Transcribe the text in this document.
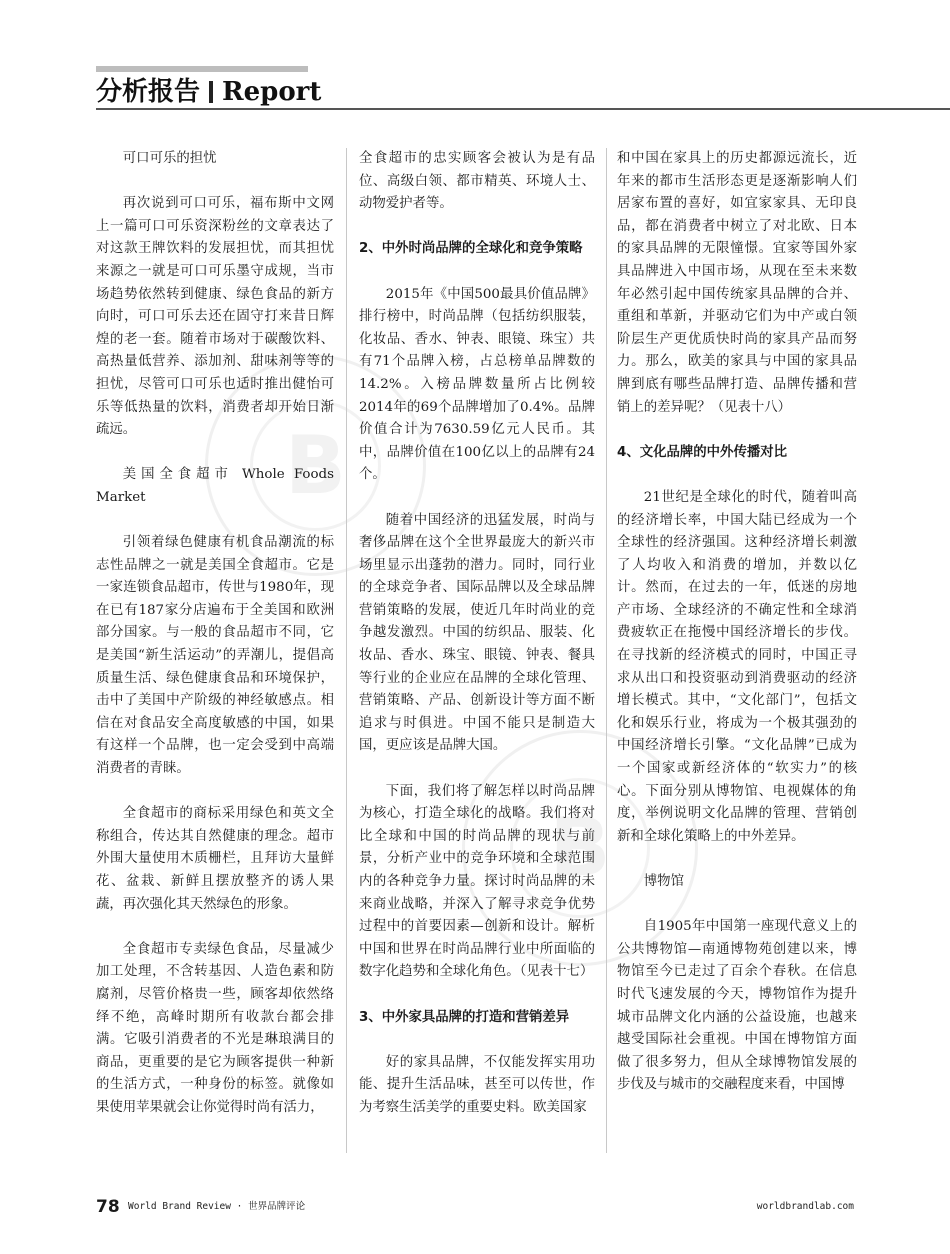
分析报告 Report
B
B
可口可乐的担忧

再次说到可口可乐，福布斯中文网上一篇可口可乐资深粉丝的文章表达了对这款王牌饮料的发展担忧，而其担忧来源之一就是可口可乐墨守成规，当市场趋势依然转到健康、绿色食品的新方向时，可口可乐去还在固守打来昔日辉煌的老一套。随着市场对于碳酸饮料、高热量低营养、添加剂、甜味剂等等的担忧，尽管可口可乐也适时推出健怡可乐等低热量的饮料，消费者却开始日渐疏远。

美国全食超市 Whole Foods Market

引领着绿色健康有机食品潮流的标志性品牌之一就是美国全食超市。它是一家连锁食品超市，传世与1980年，现在已有187家分店遍布于全美国和欧洲部分国家。与一般的食品超市不同，它是美国“新生活运动”的弄潮儿，提倡高质量生活、绿色健康食品和环境保护，击中了美国中产阶级的神经敏感点。相信在对食品安全高度敏感的中国，如果有这样一个品牌，也一定会受到中高端消费者的青睐。

全食超市的商标采用绿色和英文全称组合，传达其自然健康的理念。超市外围大量使用木质栅栏，且拜访大量鲜花、盆栽、新鲜且摆放整齐的诱人果蔬，再次强化其天然绿色的形象。

全食超市专卖绿色食品，尽量减少加工处理，不含转基因、人造色素和防腐剂，尽管价格贵一些，顾客却依然络绎不绝，高峰时期所有收款台都会排满。它吸引消费者的不光是琳琅满目的商品，更重要的是它为顾客提供一种新的生活方式，一种身份的标签。就像如果使用苹果就会让你觉得时尚有活力，

全食超市的忠实顾客会被认为是有品位、高级白领、都市精英、环境人士、动物爱护者等。

2、中外时尚品牌的全球化和竞争策略

2015年《中国500最具价值品牌》排行榜中，时尚品牌（包括纺织服装，化妆品、香水、钟表、眼镜、珠宝）共有71个品牌入榜，占总榜单品牌数的14.2%。入榜品牌数量所占比例较2014年的69个品牌增加了0.4%。品牌价值合计为7630.59亿元人民币。其中，品牌价值在100亿以上的品牌有24个。

随着中国经济的迅猛发展，时尚与奢侈品牌在这个全世界最庞大的新兴市场里显示出蓬勃的潜力。同时，同行业的全球竞争者、国际品牌以及全球品牌营销策略的发展，使近几年时尚业的竞争越发激烈。中国的纺织品、服装、化妆品、香水、珠宝、眼镜、钟表、餐具等行业的企业应在品牌的全球化管理、营销策略、产品、创新设计等方面不断追求与时俱进。中国不能只是制造大国，更应该是品牌大国。

下面，我们将了解怎样以时尚品牌为核心，打造全球化的战略。我们将对比全球和中国的时尚品牌的现状与前景，分析产业中的竞争环境和全球范围内的各种竞争力量。探讨时尚品牌的未来商业战略，并深入了解寻求竞争优势过程中的首要因素—创新和设计。解析中国和世界在时尚品牌行业中所面临的数字化趋势和全球化角色。（见表十七）

3、中外家具品牌的打造和营销差异

好的家具品牌，不仅能发挥实用功能、提升生活品味，甚至可以传世，作为考察生活美学的重要史料。欧美国家

和中国在家具上的历史都源远流长，近年来的都市生活形态更是逐渐影响人们居家布置的喜好，如宜家家具、无印良品，都在消费者中树立了对北欧、日本的家具品牌的无限憧憬。宜家等国外家具品牌进入中国市场，从现在至未来数年必然引起中国传统家具品牌的合并、重组和革新，并驱动它们为中产或白领阶层生产更优质快时尚的家具产品而努力。那么，欧美的家具与中国的家具品牌到底有哪些品牌打造、品牌传播和营销上的差异呢？（见表十八）

4、文化品牌的中外传播对比

21世纪是全球化的时代，随着叫高的经济增长率，中国大陆已经成为一个全球性的经济强国。这种经济增长刺激了人均收入和消费的增加，并数以亿计。然而，在过去的一年，低迷的房地产市场、全球经济的不确定性和全球消费疲软正在拖慢中国经济增长的步伐。在寻找新的经济模式的同时，中国正寻求从出口和投资驱动到消费驱动的经济增长模式。其中，“文化部门”，包括文化和娱乐行业，将成为一个极其强劲的中国经济增长引擎。“文化品牌”已成为一个国家或新经济体的“软实力”的核心。下面分别从博物馆、电视媒体的角度，举例说明文化品牌的管理、营销创新和全球化策略上的中外差异。

博物馆

自1905年中国第一座现代意义上的公共博物馆—南通博物苑创建以来，博物馆至今已走过了百余个春秋。在信息时代飞速发展的今天，博物馆作为提升城市品牌文化内涵的公益设施，也越来越受国际社会重视。中国在博物馆方面做了很多努力，但从全球博物馆发展的步伐及与城市的交融程度来看，中国博

78 World Brand Review · 世界品牌评论	worldbrandlab.com
